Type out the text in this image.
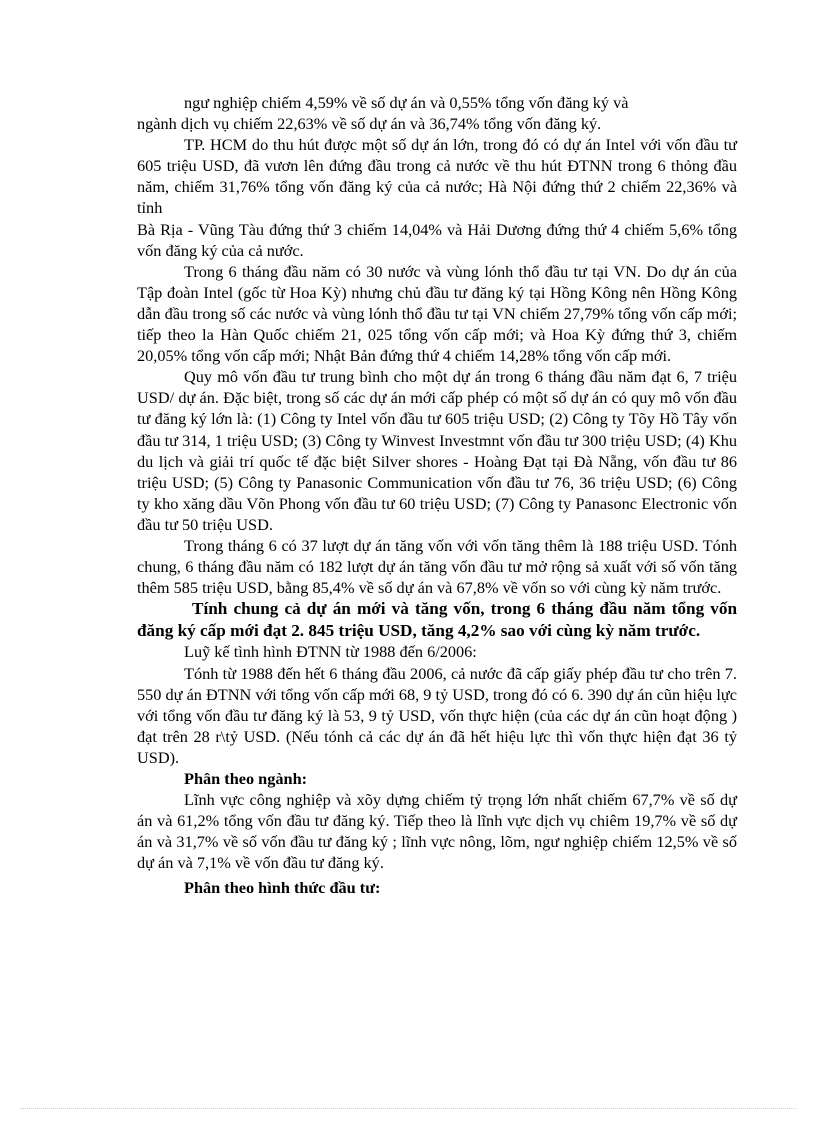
ngư nghiệp chiếm 4,59% về số dự án và 0,55% tổng vốn đăng ký và
ngành dịch vụ chiếm 22,63% về số dự án và 36,74% tổng vốn đăng ký.

TP. HCM do thu hút được một số dự án lớn, trong đó có dự án Intel với vốn đầu tư 605 triệu USD, đã vươn lên đứng đầu trong cả nước về thu hút ĐTNN trong 6 thỏng đầu năm, chiếm 31,76% tổng vốn đăng ký của cả nước; Hà Nội đứng thứ 2 chiếm 22,36% và tỉnh

Bà Rịa - Vũng Tàu đứng thứ 3 chiếm 14,04% và Hải Dương đứng thứ 4 chiếm 5,6% tổng vốn đăng ký của cả nước.

Trong 6 tháng đầu năm có 30 nước và vùng lónh thổ đầu tư tại VN. Do dự án của Tập đoàn Intel (gốc từ Hoa Kỳ) nhưng chủ đầu tư đăng ký tại Hồng Kông nên Hồng Kông dẫn đầu trong số các nước và vùng lónh thổ đầu tư tại VN chiếm 27,79% tổng vốn cấp mới; tiếp theo la Hàn Quốc chiếm 21, 025 tổng vốn cấp mới; và Hoa Kỳ đứng thứ 3, chiếm 20,05% tổng vốn cấp mới; Nhật Bản đứng thứ 4 chiếm 14,28% tổng vốn cấp mới.

Quy mô vốn đầu tư trung bình cho một dự án trong 6 tháng đầu năm đạt 6, 7 triệu USD/ dự án. Đặc biệt, trong số các dự án mới cấp phép có một số dự án có quy mô vốn đầu tư đăng ký lớn là: (1) Công ty Intel vốn đầu tư 605 triệu USD; (2) Công ty Tõy Hồ Tây vốn đầu tư 314, 1 triệu USD; (3) Công ty Winvest Investmnt vốn đầu tư 300 triệu USD; (4) Khu du lịch và giải trí quốc tế đặc biệt Silver shores - Hoàng Đạt tại Đà Nẵng, vốn đầu tư 86 triệu USD; (5) Công ty Panasonic Communication vốn đầu tư 76, 36 triệu USD; (6) Công ty kho xăng dầu Võn Phong vốn đầu tư 60 triệu USD; (7) Công ty Panasonc Electronic vốn đầu tư 50 triệu USD.

Trong tháng 6 có 37 lượt dự án tăng vốn với vốn tăng thêm là 188 triệu USD. Tónh chung, 6 tháng đầu năm có 182 lượt dự án tăng vốn đầu tư mở rộng sả xuất với số vốn tăng thêm 585 triệu USD, bằng 85,4% về số dự án và 67,8% về vốn so với cùng kỳ năm trước.

Tính chung cả dự án mới và tăng vốn, trong 6 tháng đầu năm tổng vốn đăng ký cấp mới đạt 2. 845 triệu USD, tăng 4,2% sao với cùng kỳ năm trước.

Luỹ kế tình hình ĐTNN từ 1988 đến 6/2006:

Tónh từ 1988 đến hết 6 tháng đầu 2006, cả nước đã cấp giấy phép đầu tư cho trên 7. 550 dự án ĐTNN với tổng vốn cấp mới 68, 9 tỷ USD, trong đó có 6. 390 dự án cũn hiệu lực với tổng vốn đầu tư đăng ký là 53, 9 tỷ USD, vốn thực hiện (của các dự án cũn hoạt động ) đạt trên 28 r\tỷ USD. (Nếu tónh cả các dự án đã hết hiệu lực thì vốn thực hiện đạt 36 tỷ USD).

Phân theo ngành:

Lĩnh vực công nghiệp và xõy dựng chiếm tỷ trọng lớn nhất chiếm 67,7% về số dự án và 61,2% tổng vốn đầu tư đăng ký. Tiếp theo là lĩnh vực dịch vụ chiêm 19,7% về số dự án và 31,7% về số vốn đầu tư đăng ký ; lĩnh vực nông, lõm, ngư nghiệp chiếm 12,5% về số dự án và 7,1% về vốn đầu tư đăng ký.

Phân theo hình thức đầu tư:
